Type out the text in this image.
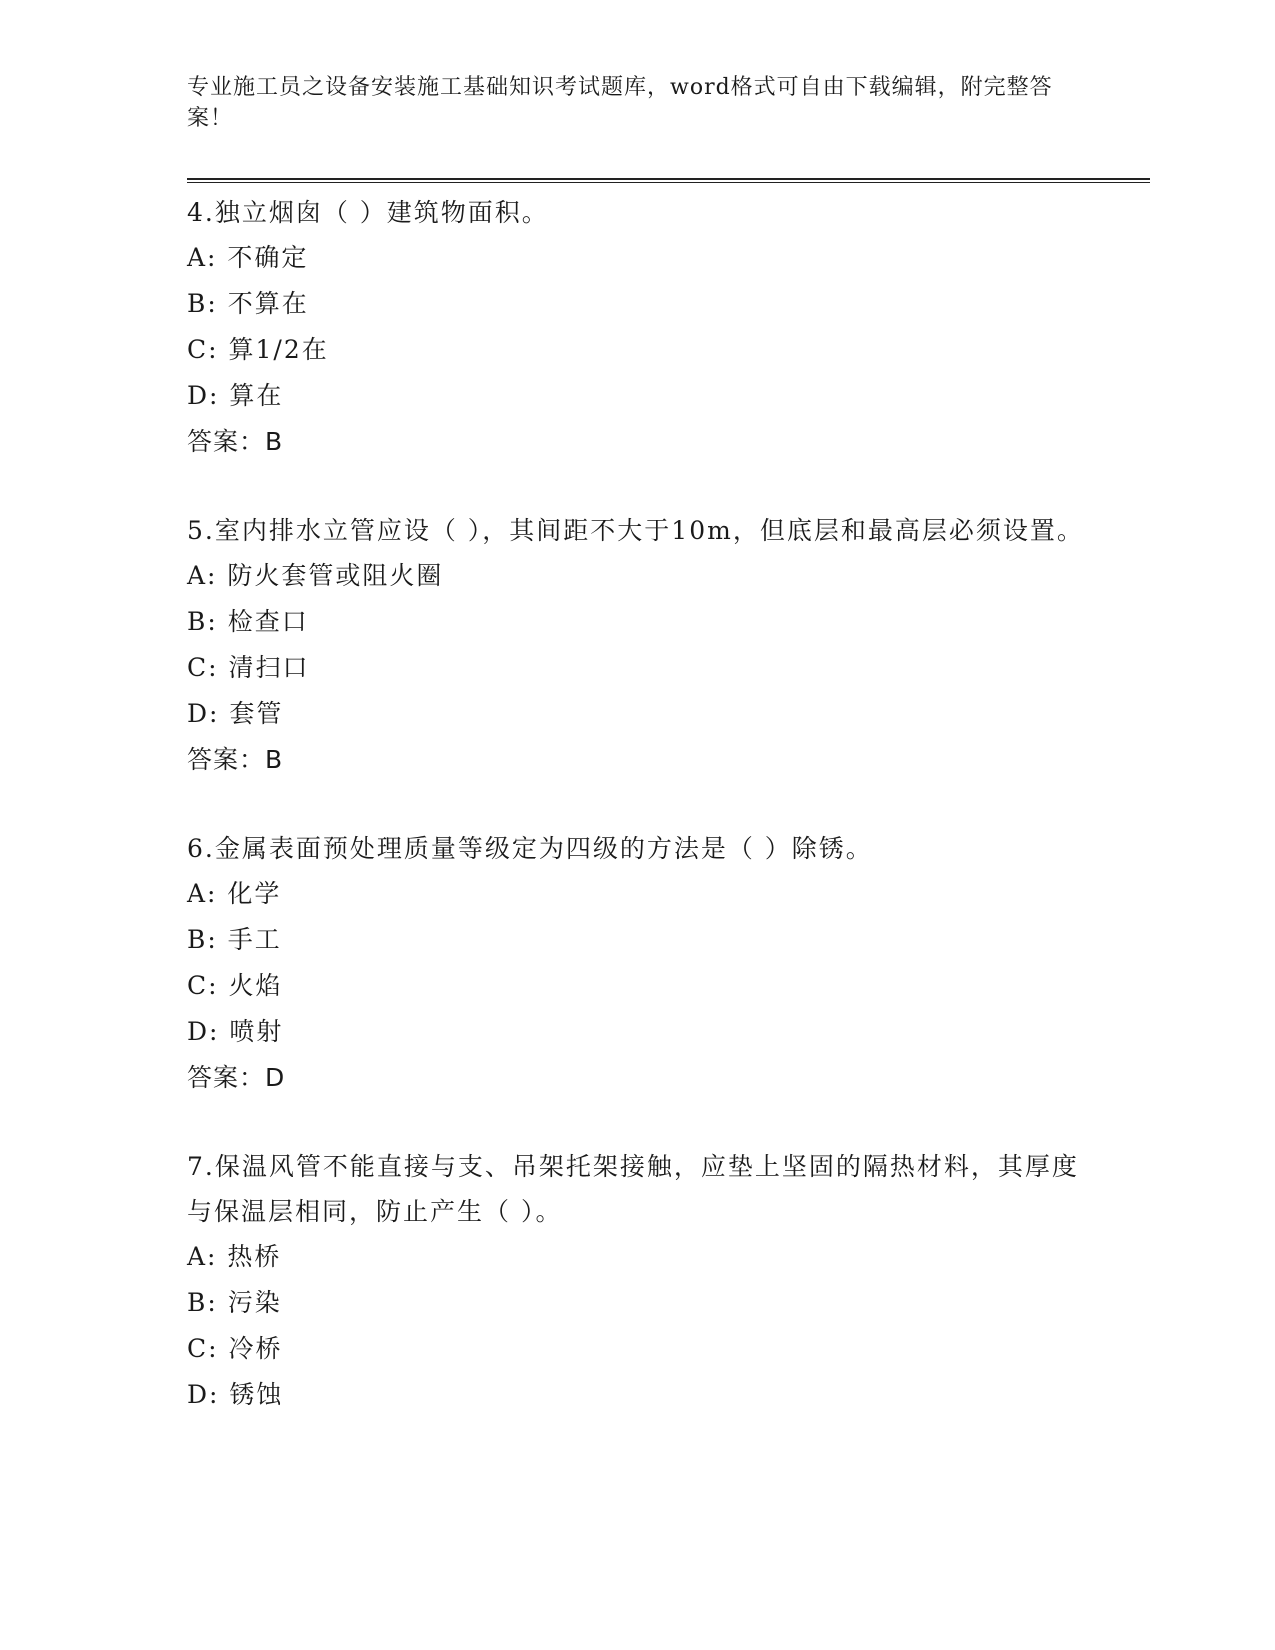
专业施工员之设备安装施工基础知识考试题库，word格式可自由下载编辑，附完整答案！
4.独立烟囱（ ）建筑物面积。
A: 不确定
B: 不算在
C: 算1/2在
D: 算在
答案：B
5.室内排水立管应设（ ），其间距不大于10m，但底层和最高层必须设置。
A: 防火套管或阻火圈
B: 检查口
C: 清扫口
D: 套管
答案：B
6.金属表面预处理质量等级定为四级的方法是（ ）除锈。
A: 化学
B: 手工
C: 火焰
D: 喷射
答案：D
7.保温风管不能直接与支、吊架托架接触，应垫上坚固的隔热材料，其厚度与保温层相同，防止产生（ ）。
A: 热桥
B: 污染
C: 冷桥
D: 锈蚀
